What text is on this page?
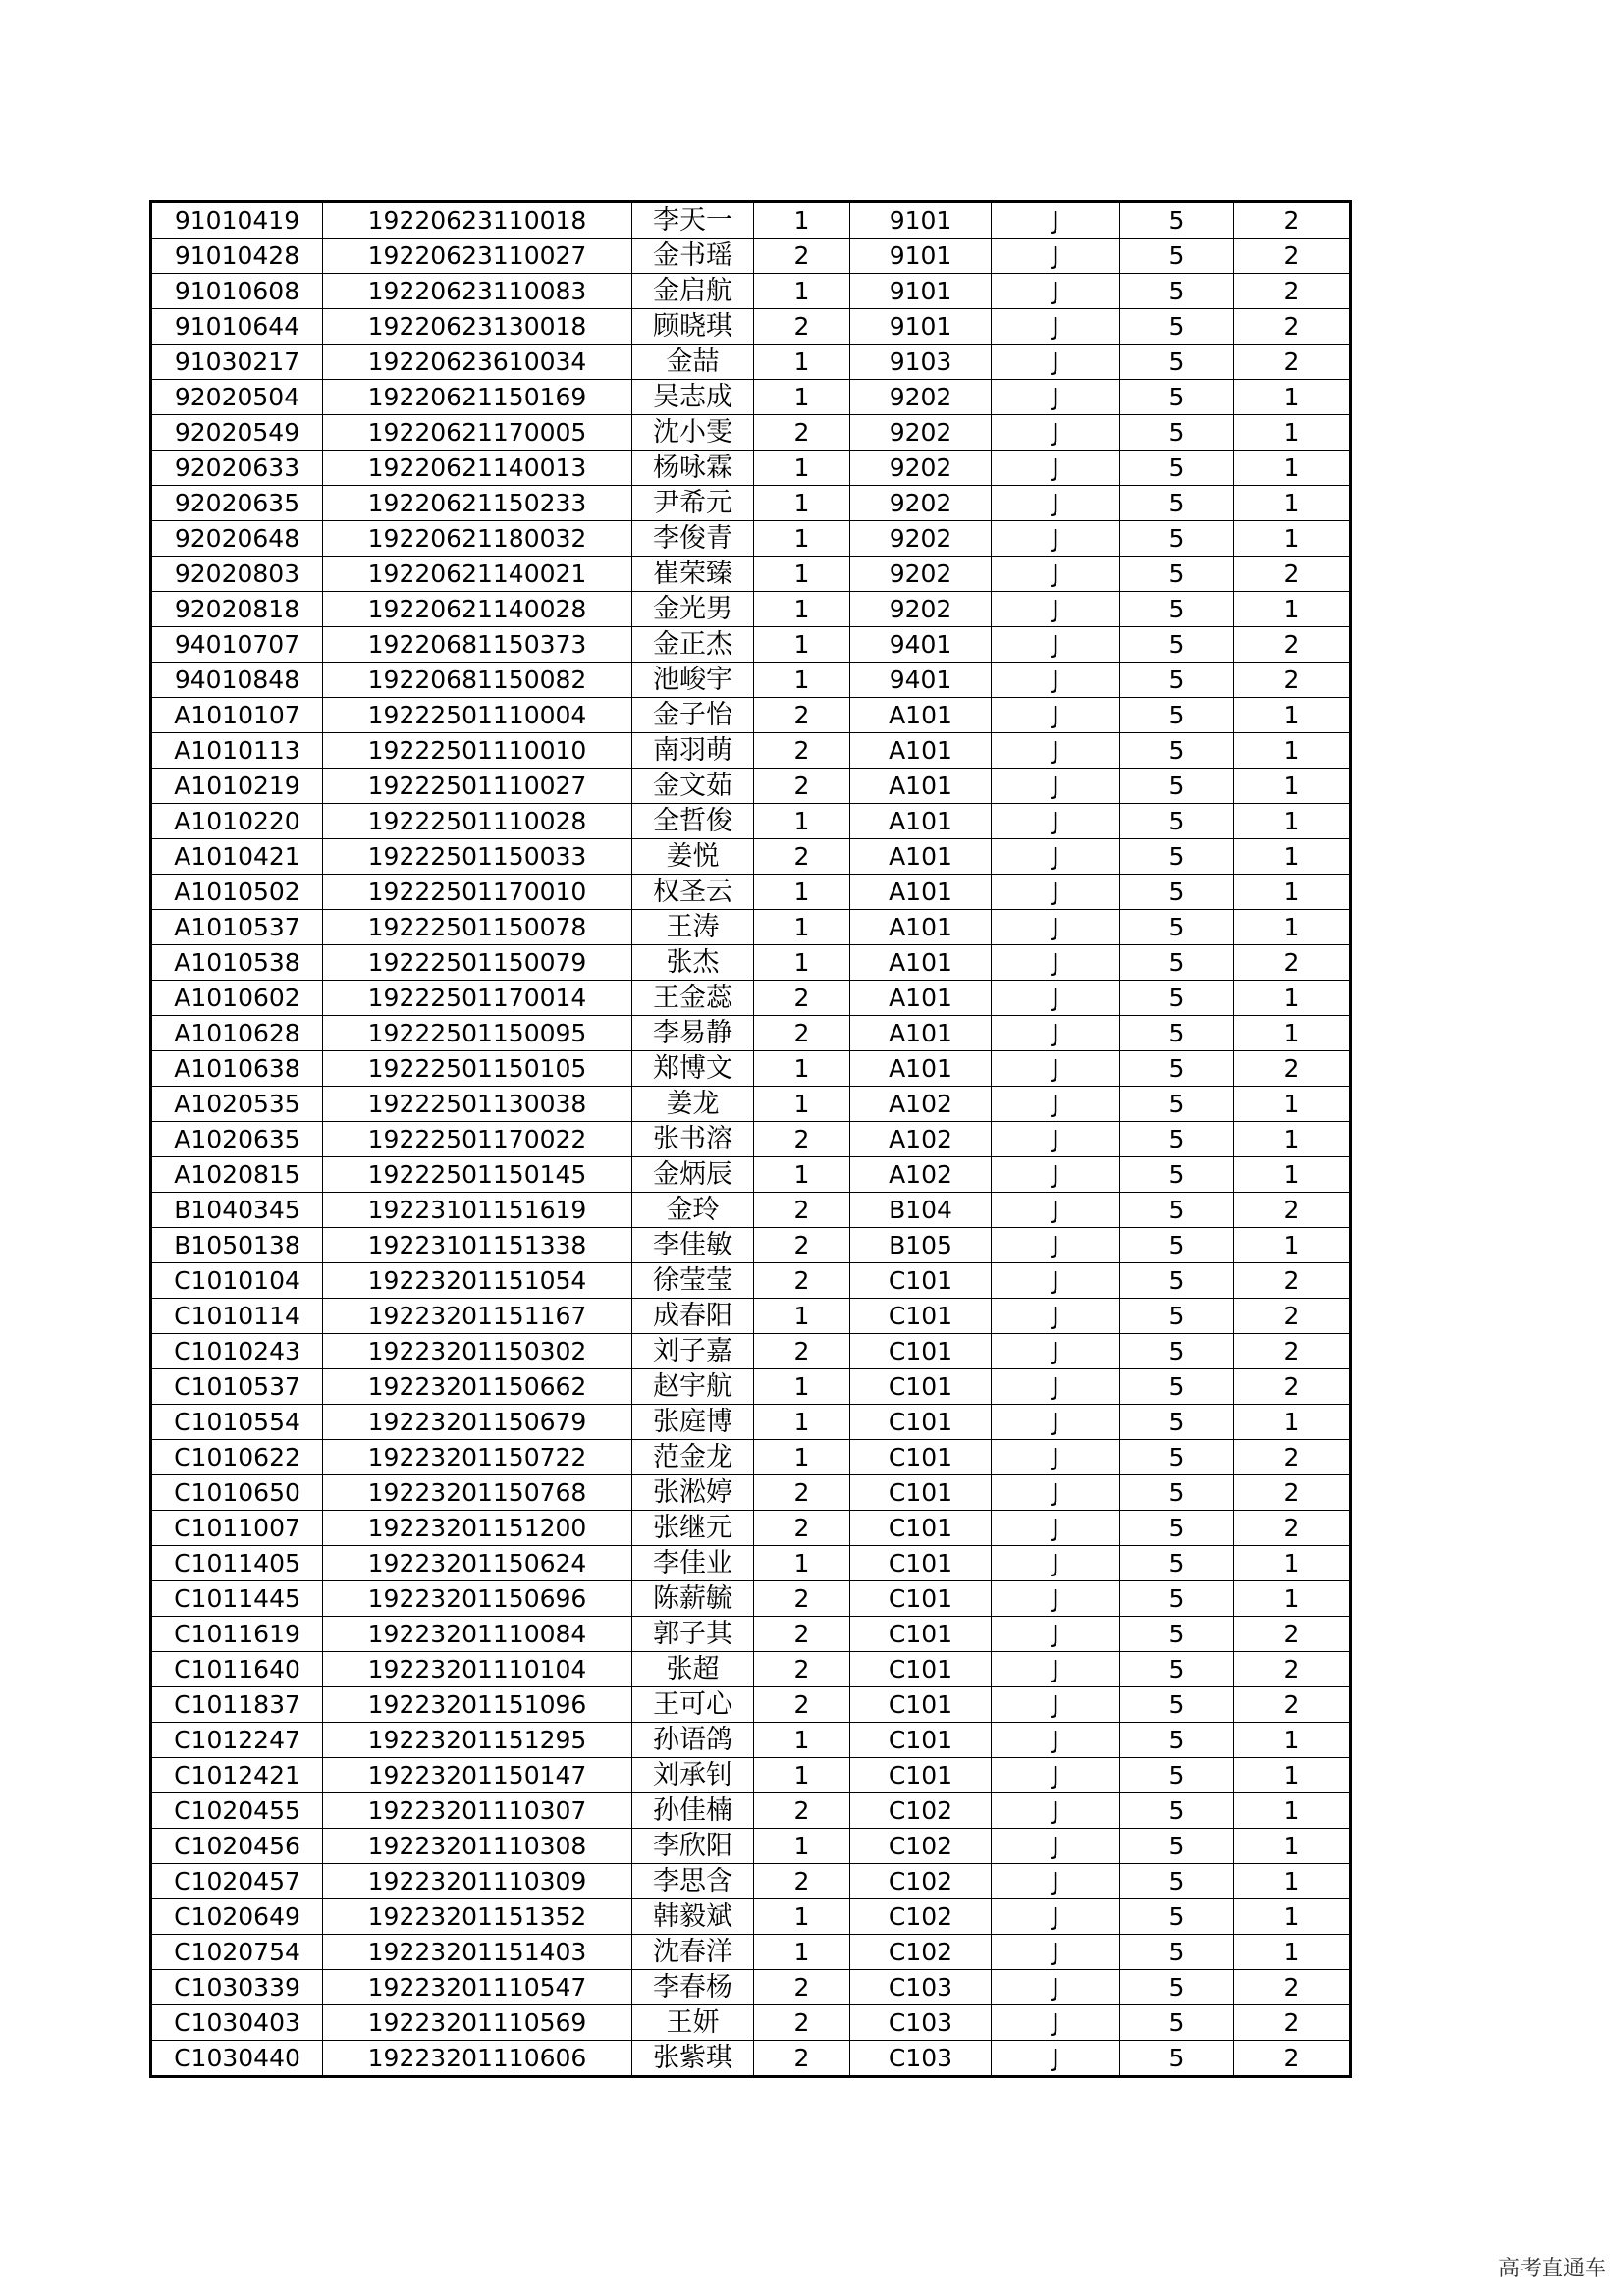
91010419	19220623110018	李天一	1	9101	J	5	2
91010428	19220623110027	金书瑶	2	9101	J	5	2
91010608	19220623110083	金启航	1	9101	J	5	2
91010644	19220623130018	顾晓琪	2	9101	J	5	2
91030217	19220623610034	金喆	1	9103	J	5	2
92020504	19220621150169	吴志成	1	9202	J	5	1
92020549	19220621170005	沈小雯	2	9202	J	5	1
92020633	19220621140013	杨咏霖	1	9202	J	5	1
92020635	19220621150233	尹希元	1	9202	J	5	1
92020648	19220621180032	李俊青	1	9202	J	5	1
92020803	19220621140021	崔荣臻	1	9202	J	5	2
92020818	19220621140028	金光男	1	9202	J	5	1
94010707	19220681150373	金正杰	1	9401	J	5	2
94010848	19220681150082	池峻宇	1	9401	J	5	2
A1010107	19222501110004	金子怡	2	A101	J	5	1
A1010113	19222501110010	南羽萌	2	A101	J	5	1
A1010219	19222501110027	金文茹	2	A101	J	5	1
A1010220	19222501110028	全哲俊	1	A101	J	5	1
A1010421	19222501150033	姜悦	2	A101	J	5	1
A1010502	19222501170010	权圣云	1	A101	J	5	1
A1010537	19222501150078	王涛	1	A101	J	5	1
A1010538	19222501150079	张杰	1	A101	J	5	2
A1010602	19222501170014	王金蕊	2	A101	J	5	1
A1010628	19222501150095	李易静	2	A101	J	5	1
A1010638	19222501150105	郑博文	1	A101	J	5	2
A1020535	19222501130038	姜龙	1	A102	J	5	1
A1020635	19222501170022	张书溶	2	A102	J	5	1
A1020815	19222501150145	金炳辰	1	A102	J	5	1
B1040345	19223101151619	金玲	2	B104	J	5	2
B1050138	19223101151338	李佳敏	2	B105	J	5	1
C1010104	19223201151054	徐莹莹	2	C101	J	5	2
C1010114	19223201151167	成春阳	1	C101	J	5	2
C1010243	19223201150302	刘子嘉	2	C101	J	5	2
C1010537	19223201150662	赵宇航	1	C101	J	5	2
C1010554	19223201150679	张庭博	1	C101	J	5	1
C1010622	19223201150722	范金龙	1	C101	J	5	2
C1010650	19223201150768	张淞婷	2	C101	J	5	2
C1011007	19223201151200	张继元	2	C101	J	5	2
C1011405	19223201150624	李佳业	1	C101	J	5	1
C1011445	19223201150696	陈薪毓	2	C101	J	5	1
C1011619	19223201110084	郭子其	2	C101	J	5	2
C1011640	19223201110104	张超	2	C101	J	5	2
C1011837	19223201151096	王可心	2	C101	J	5	2
C1012247	19223201151295	孙语鸽	1	C101	J	5	1
C1012421	19223201150147	刘承钊	1	C101	J	5	1
C1020455	19223201110307	孙佳楠	2	C102	J	5	1
C1020456	19223201110308	李欣阳	1	C102	J	5	1
C1020457	19223201110309	李思含	2	C102	J	5	1
C1020649	19223201151352	韩毅斌	1	C102	J	5	1
C1020754	19223201151403	沈春洋	1	C102	J	5	1
C1030339	19223201110547	李春杨	2	C103	J	5	2
C1030403	19223201110569	王妍	2	C103	J	5	2
C1030440	19223201110606	张紫琪	2	C103	J	5	2
高考直通车
